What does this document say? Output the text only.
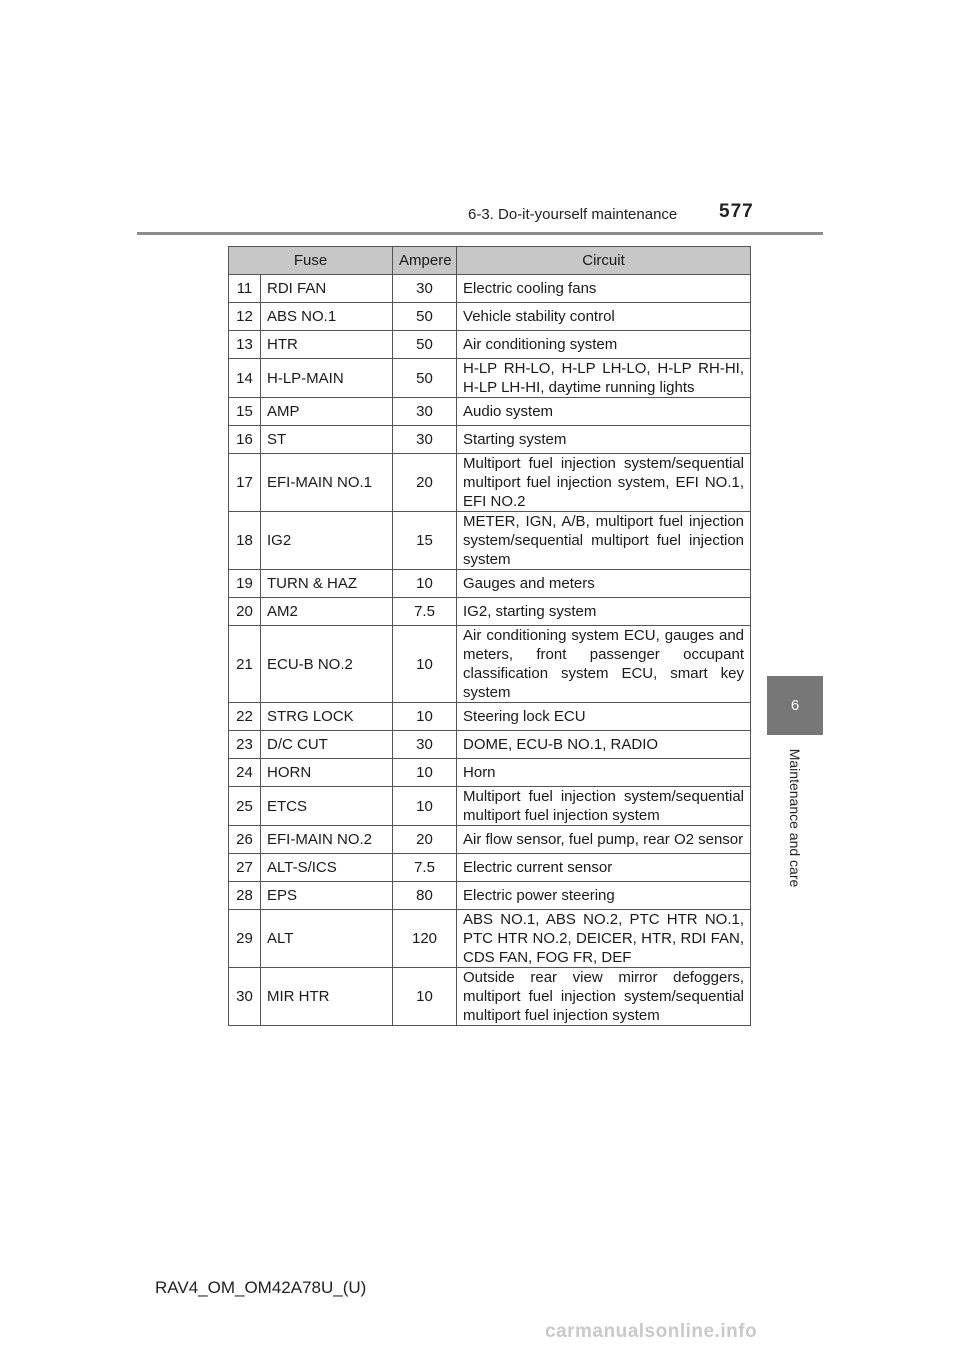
6-3. Do-it-yourself maintenance 577
6
Maintenance and care
Fuse		Ampere	Circuit
11	RDI FAN	30	Electric cooling fans
12	ABS NO.1	50	Vehicle stability control
13	HTR	50	Air conditioning system
14	H-LP-MAIN	50	H-LP RH-LO, H-LP LH-LO, H-LP RH-HI, H-LP LH-HI, daytime running lights
15	AMP	30	Audio system
16	ST	30	Starting system
17	EFI-MAIN NO.1	20	Multiport fuel injection system/sequential multiport fuel injection system, EFI NO.1, EFI NO.2
18	IG2	15	METER, IGN, A/B, multiport fuel injection system/sequential multiport fuel injection system
19	TURN & HAZ	10	Gauges and meters
20	AM2	7.5	IG2, starting system
21	ECU-B NO.2	10	Air conditioning system ECU, gauges and meters, front passenger occupant classification system ECU, smart key system
22	STRG LOCK	10	Steering lock ECU
23	D/C CUT	30	DOME, ECU-B NO.1, RADIO
24	HORN	10	Horn
25	ETCS	10	Multiport fuel injection system/sequential multiport fuel injection system
26	EFI-MAIN NO.2	20	Air flow sensor, fuel pump, rear O2 sensor
27	ALT-S/ICS	7.5	Electric current sensor
28	EPS	80	Electric power steering
29	ALT	120	ABS NO.1, ABS NO.2, PTC HTR NO.1, PTC HTR NO.2, DEICER, HTR, RDI FAN, CDS FAN, FOG FR, DEF
30	MIR HTR	10	Outside rear view mirror defoggers, multiport fuel injection system/sequential multiport fuel injection system
RAV4_OM_OM42A78U_(U)
carmanualsonline.info
